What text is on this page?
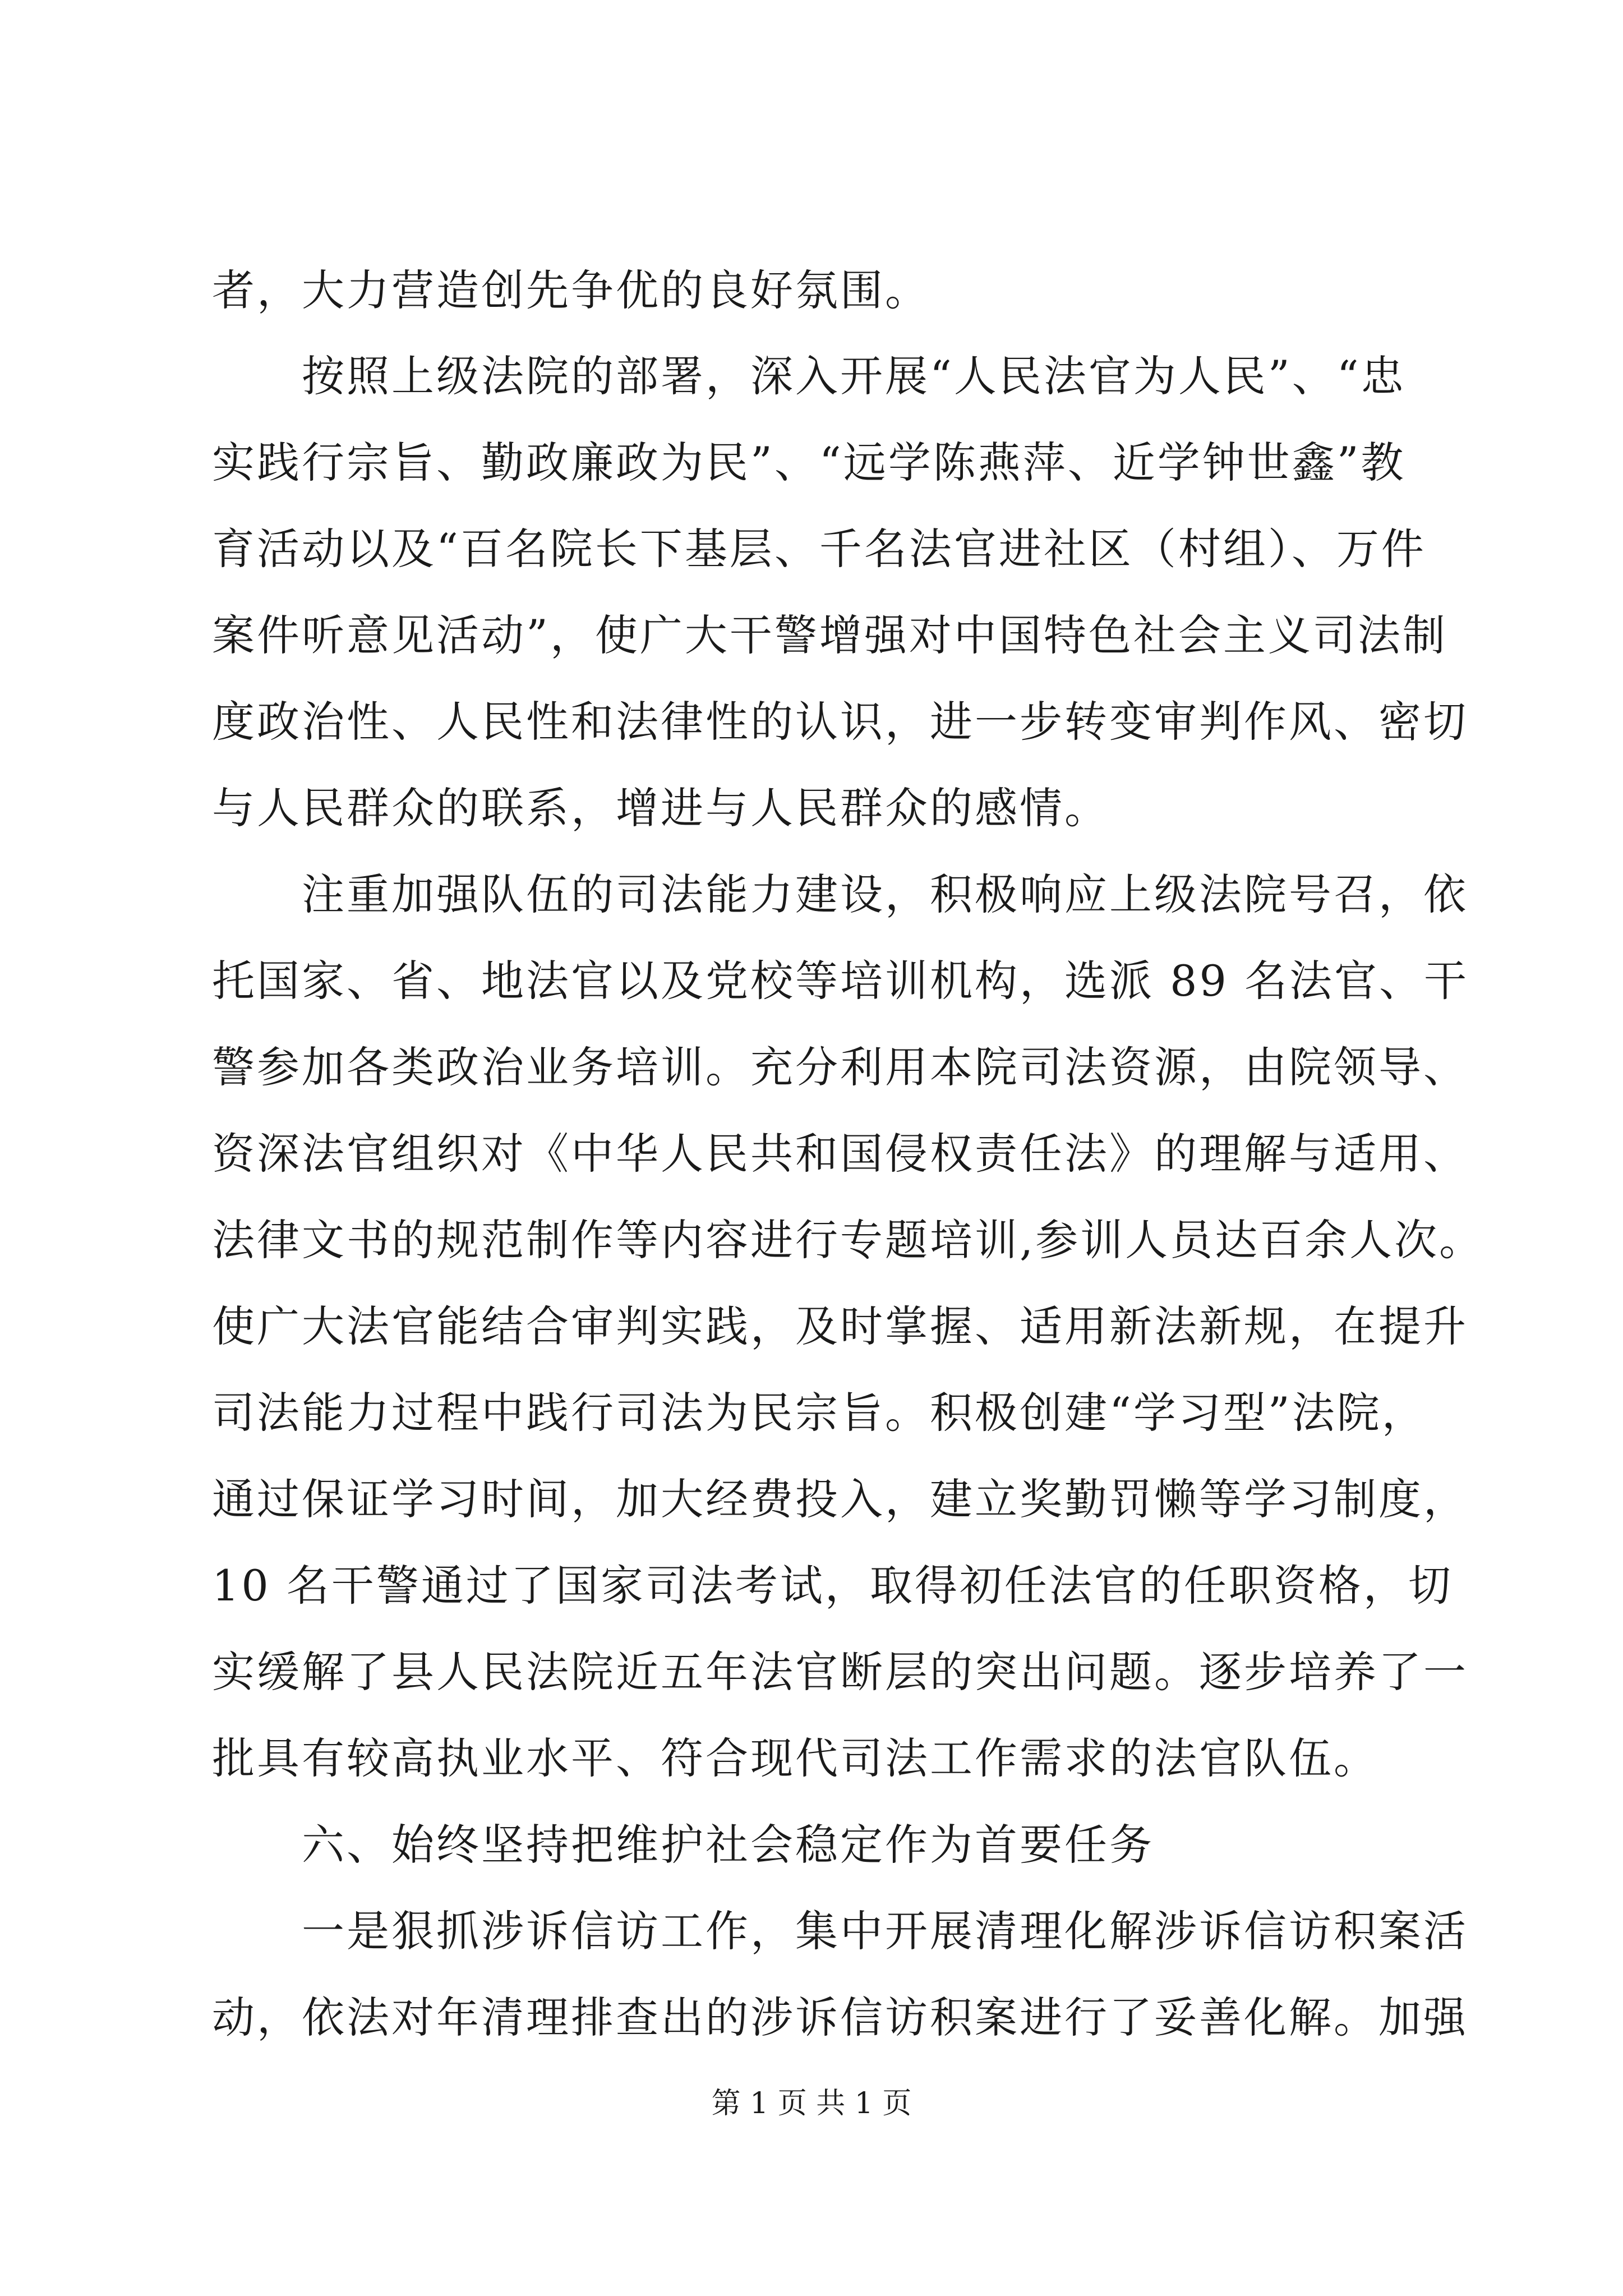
者，大力营造创先争优的良好氛围。
　　按照上级法院的部署，深入开展“人民法官为人民”、“忠
实践行宗旨、勤政廉政为民”、“远学陈燕萍、近学钟世鑫”教
育活动以及“百名院长下基层、千名法官进社区（村组）、万件
案件听意见活动”，使广大干警增强对中国特色社会主义司法制
度政治性、人民性和法律性的认识，进一步转变审判作风、密切
与人民群众的联系，增进与人民群众的感情。
　　注重加强队伍的司法能力建设，积极响应上级法院号召，依
托国家、省、地法官以及党校等培训机构，选派 89 名法官、干
警参加各类政治业务培训。充分利用本院司法资源，由院领导、
资深法官组织对《中华人民共和国侵权责任法》的理解与适用、
法律文书的规范制作等内容进行专题培训,参训人员达百余人次。
使广大法官能结合审判实践，及时掌握、适用新法新规，在提升
司法能力过程中践行司法为民宗旨。积极创建“学习型”法院，
通过保证学习时间，加大经费投入，建立奖勤罚懒等学习制度，
10 名干警通过了国家司法考试，取得初任法官的任职资格，切
实缓解了县人民法院近五年法官断层的突出问题。逐步培养了一
批具有较高执业水平、符合现代司法工作需求的法官队伍。
　　六、始终坚持把维护社会稳定作为首要任务
　　一是狠抓涉诉信访工作，集中开展清理化解涉诉信访积案活
动，依法对年清理排查出的涉诉信访积案进行了妥善化解。加强
第 1 页 共 1 页
